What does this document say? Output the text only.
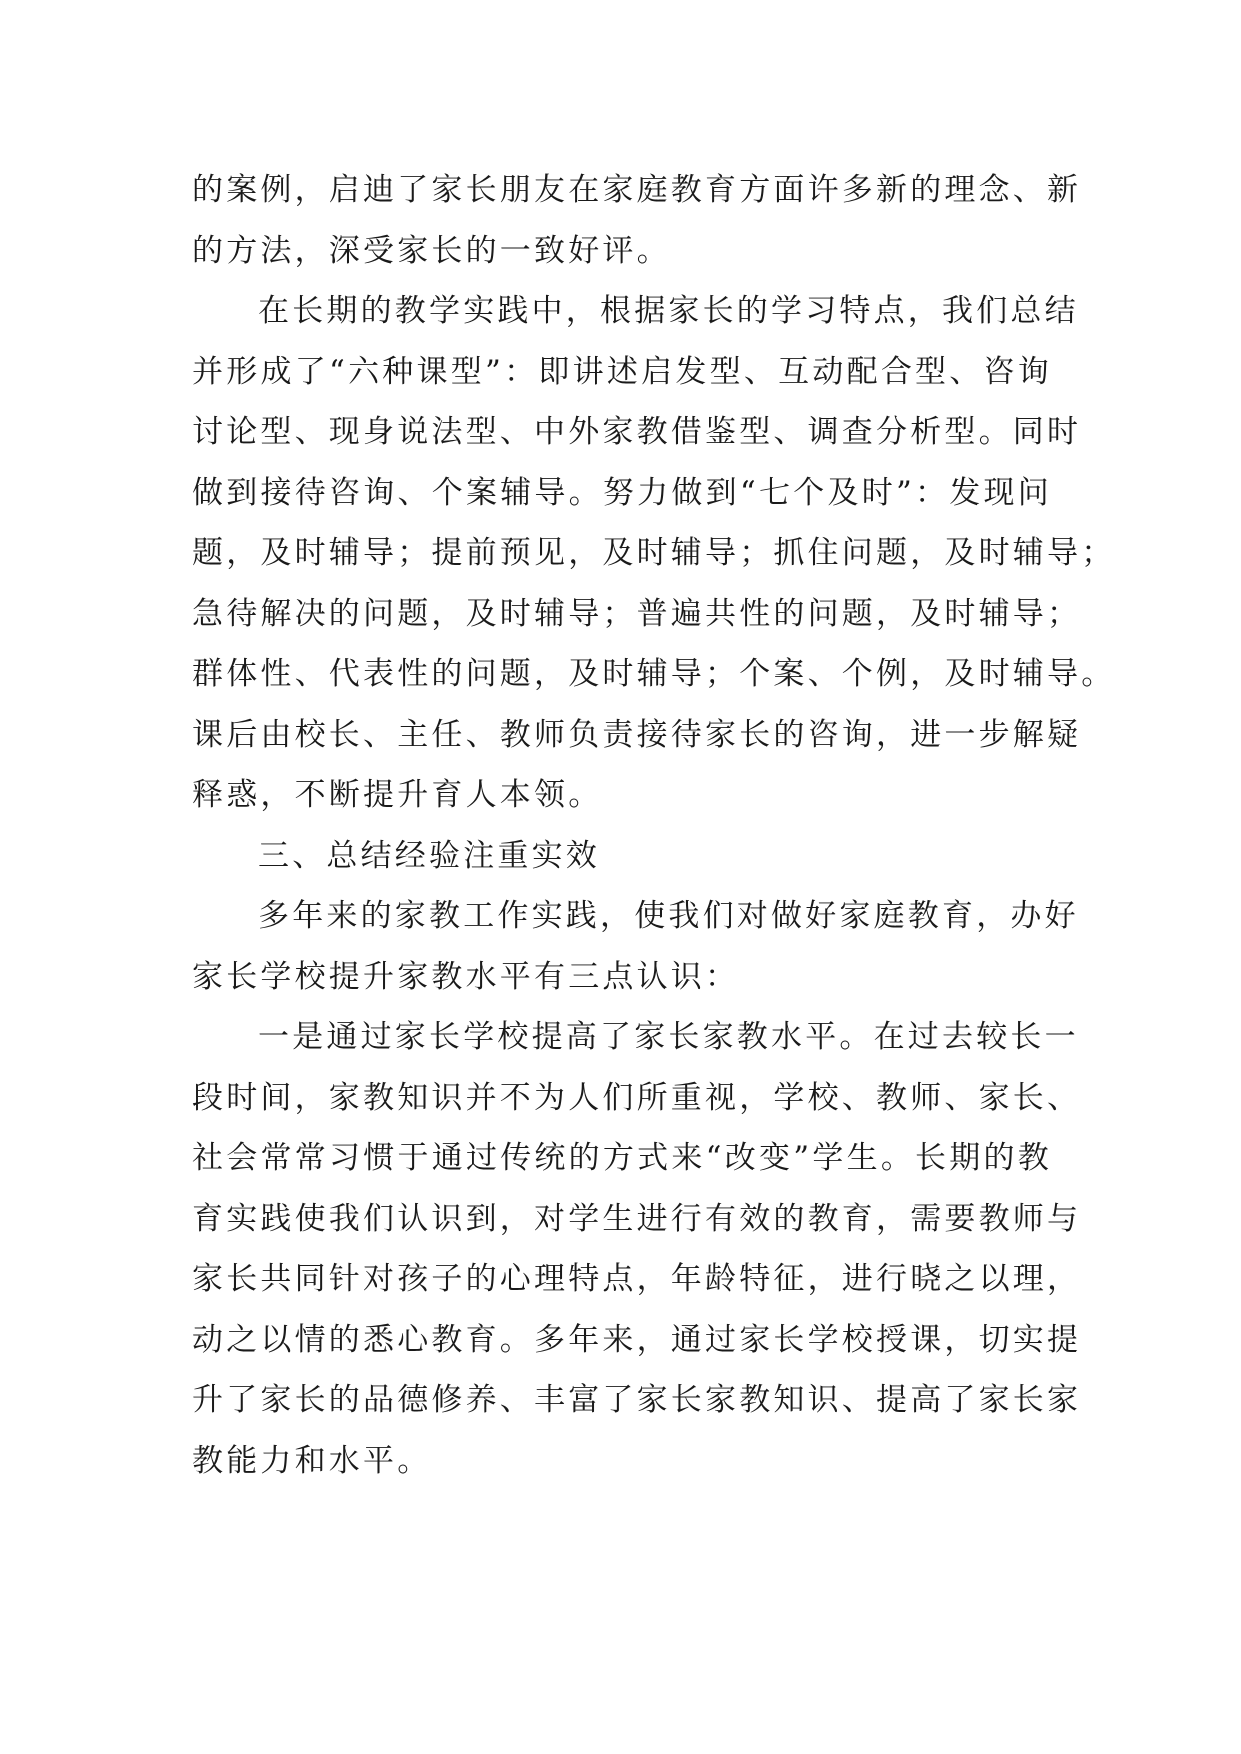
的案例，启迪了家长朋友在家庭教育方面许多新的理念、新
的方法，深受家长的一致好评。
在长期的教学实践中，根据家长的学习特点，我们总结
并形成了“六种课型”：即讲述启发型、互动配合型、咨询
讨论型、现身说法型、中外家教借鉴型、调查分析型。同时
做到接待咨询、个案辅导。努力做到“七个及时”：发现问
题，及时辅导；提前预见，及时辅导；抓住问题，及时辅导；
急待解决的问题，及时辅导；普遍共性的问题，及时辅导；
群体性、代表性的问题，及时辅导；个案、个例，及时辅导。
课后由校长、主任、教师负责接待家长的咨询，进一步解疑
释惑，不断提升育人本领。
三、总结经验注重实效
多年来的家教工作实践，使我们对做好家庭教育，办好
家长学校提升家教水平有三点认识：
一是通过家长学校提高了家长家教水平。在过去较长一
段时间，家教知识并不为人们所重视，学校、教师、家长、
社会常常习惯于通过传统的方式来“改变”学生。长期的教
育实践使我们认识到，对学生进行有效的教育，需要教师与
家长共同针对孩子的心理特点，年龄特征，进行晓之以理，
动之以情的悉心教育。多年来，通过家长学校授课，切实提
升了家长的品德修养、丰富了家长家教知识、提高了家长家
教能力和水平。
